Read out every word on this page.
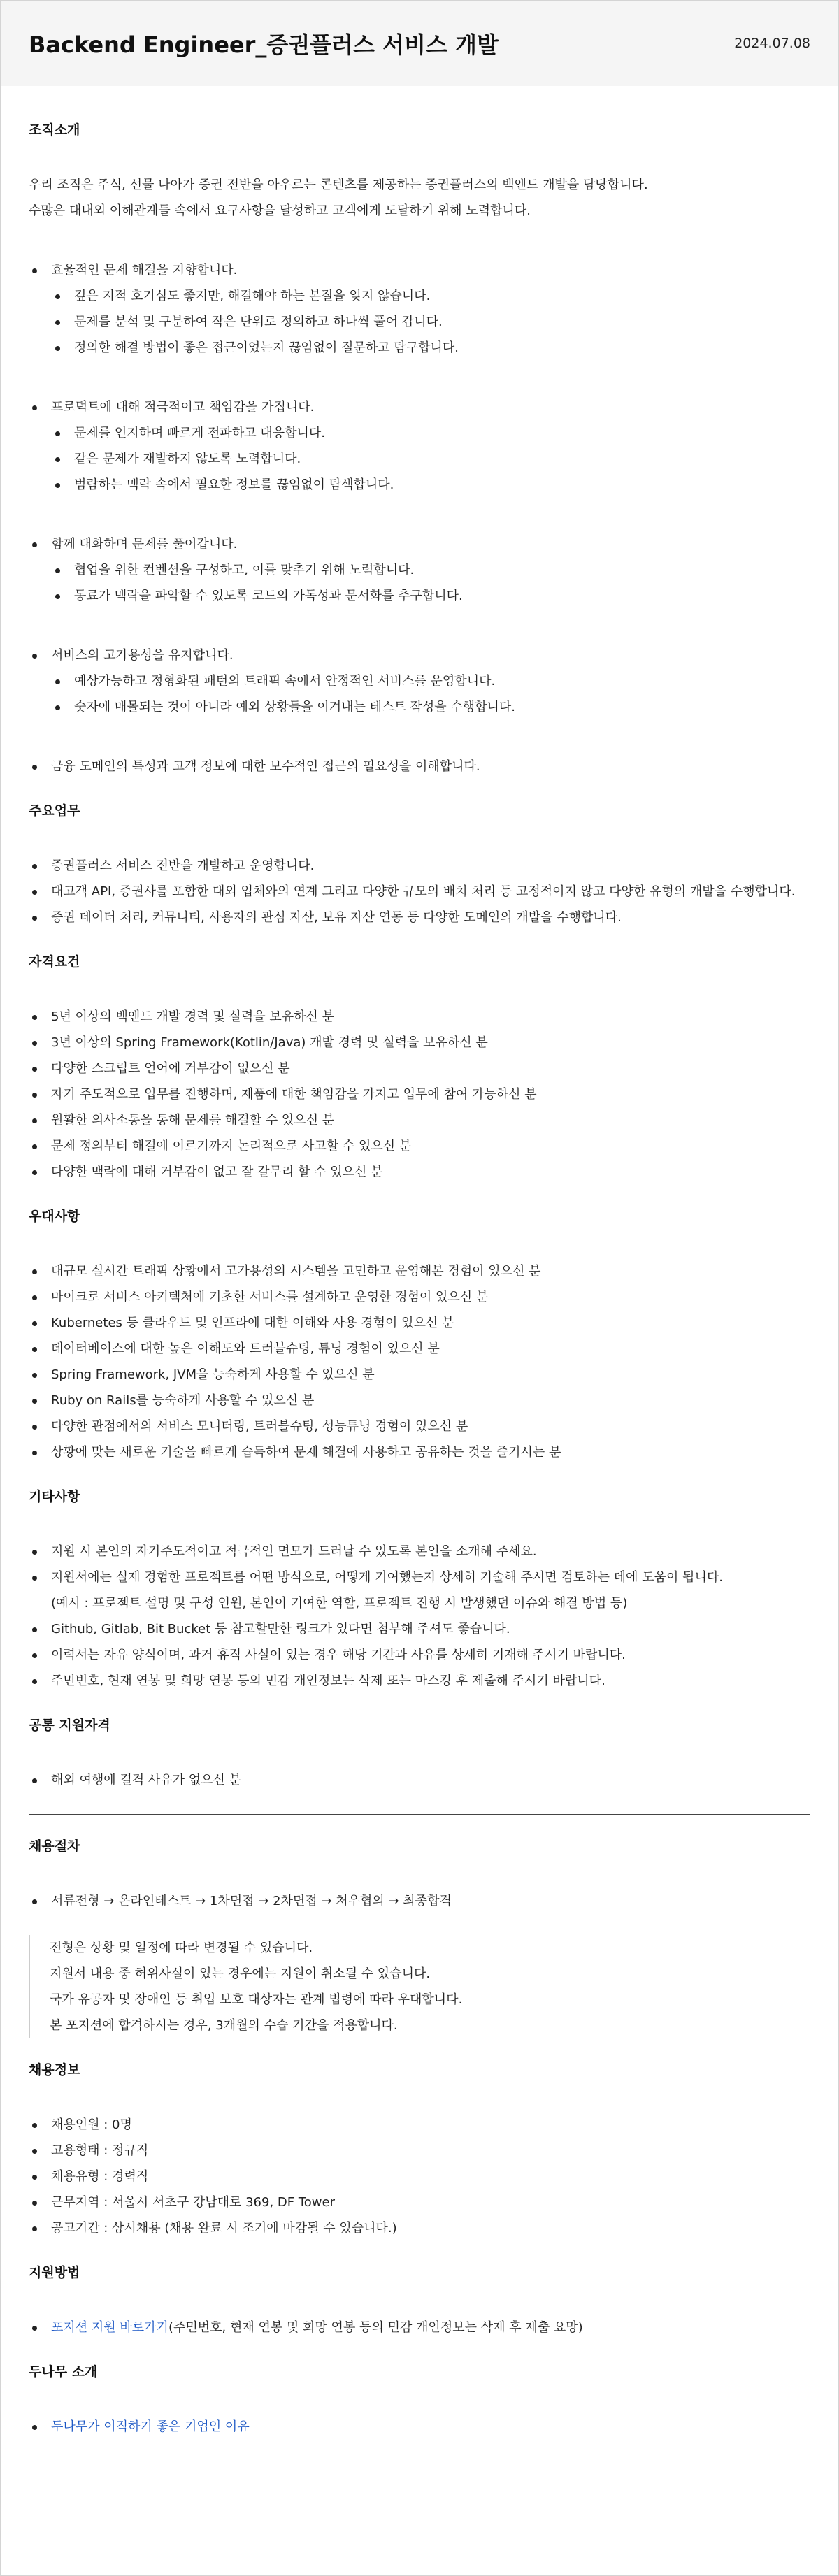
Backend Engineer_증권플러스 서비스 개발	2024.07.08
조직소개

우리 조직은 주식, 선물 나아가 증권 전반을 아우르는 콘텐츠를 제공하는 증권플러스의 백엔드 개발을 담당합니다.

수많은 대내외 이해관계들 속에서 요구사항을 달성하고 고객에게 도달하기 위해 노력합니다.

효율적인 문제 해결을 지향합니다.
깊은 지적 호기심도 좋지만, 해결해야 하는 본질을 잊지 않습니다.
문제를 분석 및 구분하여 작은 단위로 정의하고 하나씩 풀어 갑니다.
정의한 해결 방법이 좋은 접근이었는지 끊임없이 질문하고 탐구합니다.
프로덕트에 대해 적극적이고 책임감을 가집니다.
문제를 인지하며 빠르게 전파하고 대응합니다.
같은 문제가 재발하지 않도록 노력합니다.
범람하는 맥락 속에서 필요한 정보를 끊임없이 탐색합니다.
함께 대화하며 문제를 풀어갑니다.
협업을 위한 컨벤션을 구성하고, 이를 맞추기 위해 노력합니다.
동료가 맥락을 파악할 수 있도록 코드의 가독성과 문서화를 추구합니다.
서비스의 고가용성을 유지합니다.
예상가능하고 정형화된 패턴의 트래픽 속에서 안정적인 서비스를 운영합니다.
숫자에 매몰되는 것이 아니라 예외 상황들을 이겨내는 테스트 작성을 수행합니다.
금융 도메인의 특성과 고객 정보에 대한 보수적인 접근의 필요성을 이해합니다.
주요업무
증권플러스 서비스 전반을 개발하고 운영합니다.
대고객 API, 증권사를 포함한 대외 업체와의 연계 그리고 다양한 규모의 배치 처리 등 고정적이지 않고 다양한 유형의 개발을 수행합니다.
증권 데이터 처리, 커뮤니티, 사용자의 관심 자산, 보유 자산 연동 등 다양한 도메인의 개발을 수행합니다.
자격요건
5년 이상의 백엔드 개발 경력 및 실력을 보유하신 분
3년 이상의 Spring Framework(Kotlin/Java) 개발 경력 및 실력을 보유하신 분
다양한 스크립트 언어에 거부감이 없으신 분
자기 주도적으로 업무를 진행하며, 제품에 대한 책임감을 가지고 업무에 참여 가능하신 분
원활한 의사소통을 통해 문제를 해결할 수 있으신 분
문제 정의부터 해결에 이르기까지 논리적으로 사고할 수 있으신 분
다양한 맥락에 대해 거부감이 없고 잘 갈무리 할 수 있으신 분
우대사항
대규모 실시간 트래픽 상황에서 고가용성의 시스템을 고민하고 운영해본 경험이 있으신 분
마이크로 서비스 아키텍처에 기초한 서비스를 설계하고 운영한 경험이 있으신 분
Kubernetes 등 클라우드 및 인프라에 대한 이해와 사용 경험이 있으신 분
데이터베이스에 대한 높은 이해도와 트러블슈팅, 튜닝 경험이 있으신 분
Spring Framework, JVM을 능숙하게 사용할 수 있으신 분
Ruby on Rails를 능숙하게 사용할 수 있으신 분
다양한 관점에서의 서비스 모니터링, 트러블슈팅, 성능튜닝 경험이 있으신 분
상황에 맞는 새로운 기술을 빠르게 습득하여 문제 해결에 사용하고 공유하는 것을 즐기시는 분
기타사항
지원 시 본인의 자기주도적이고 적극적인 면모가 드러날 수 있도록 본인을 소개해 주세요.
지원서에는 실제 경험한 프로젝트를 어떤 방식으로, 어떻게 기여했는지 상세히 기술해 주시면 검토하는 데에 도움이 됩니다.
(예시 : 프로젝트 설명 및 구성 인원, 본인이 기여한 역할, 프로젝트 진행 시 발생했던 이슈와 해결 방법 등)
Github, Gitlab, Bit Bucket 등 참고할만한 링크가 있다면 첨부해 주셔도 좋습니다.
이력서는 자유 양식이며, 과거 휴직 사실이 있는 경우 해당 기간과 사유를 상세히 기재해 주시기 바랍니다.
주민번호, 현재 연봉 및 희망 연봉 등의 민감 개인정보는 삭제 또는 마스킹 후 제출해 주시기 바랍니다.
공통 지원자격
해외 여행에 결격 사유가 없으신 분
채용절차
서류전형 → 온라인테스트 → 1차면접 → 2차면접 → 처우협의 → 최종합격

전형은 상황 및 일정에 따라 변경될 수 있습니다.

지원서 내용 중 허위사실이 있는 경우에는 지원이 취소될 수 있습니다.

국가 유공자 및 장애인 등 취업 보호 대상자는 관계 법령에 따라 우대합니다.

본 포지션에 합격하시는 경우, 3개월의 수습 기간을 적용합니다.

채용정보
채용인원 : 0명
고용형태 : 정규직
채용유형 : 경력직
근무지역 : 서울시 서초구 강남대로 369, DF Tower
공고기간 : 상시채용 (채용 완료 시 조기에 마감될 수 있습니다.)
지원방법
포지션 지원 바로가기(주민번호, 현재 연봉 및 희망 연봉 등의 민감 개인정보는 삭제 후 제출 요망)
두나무 소개
두나무가 이직하기 좋은 기업인 이유
